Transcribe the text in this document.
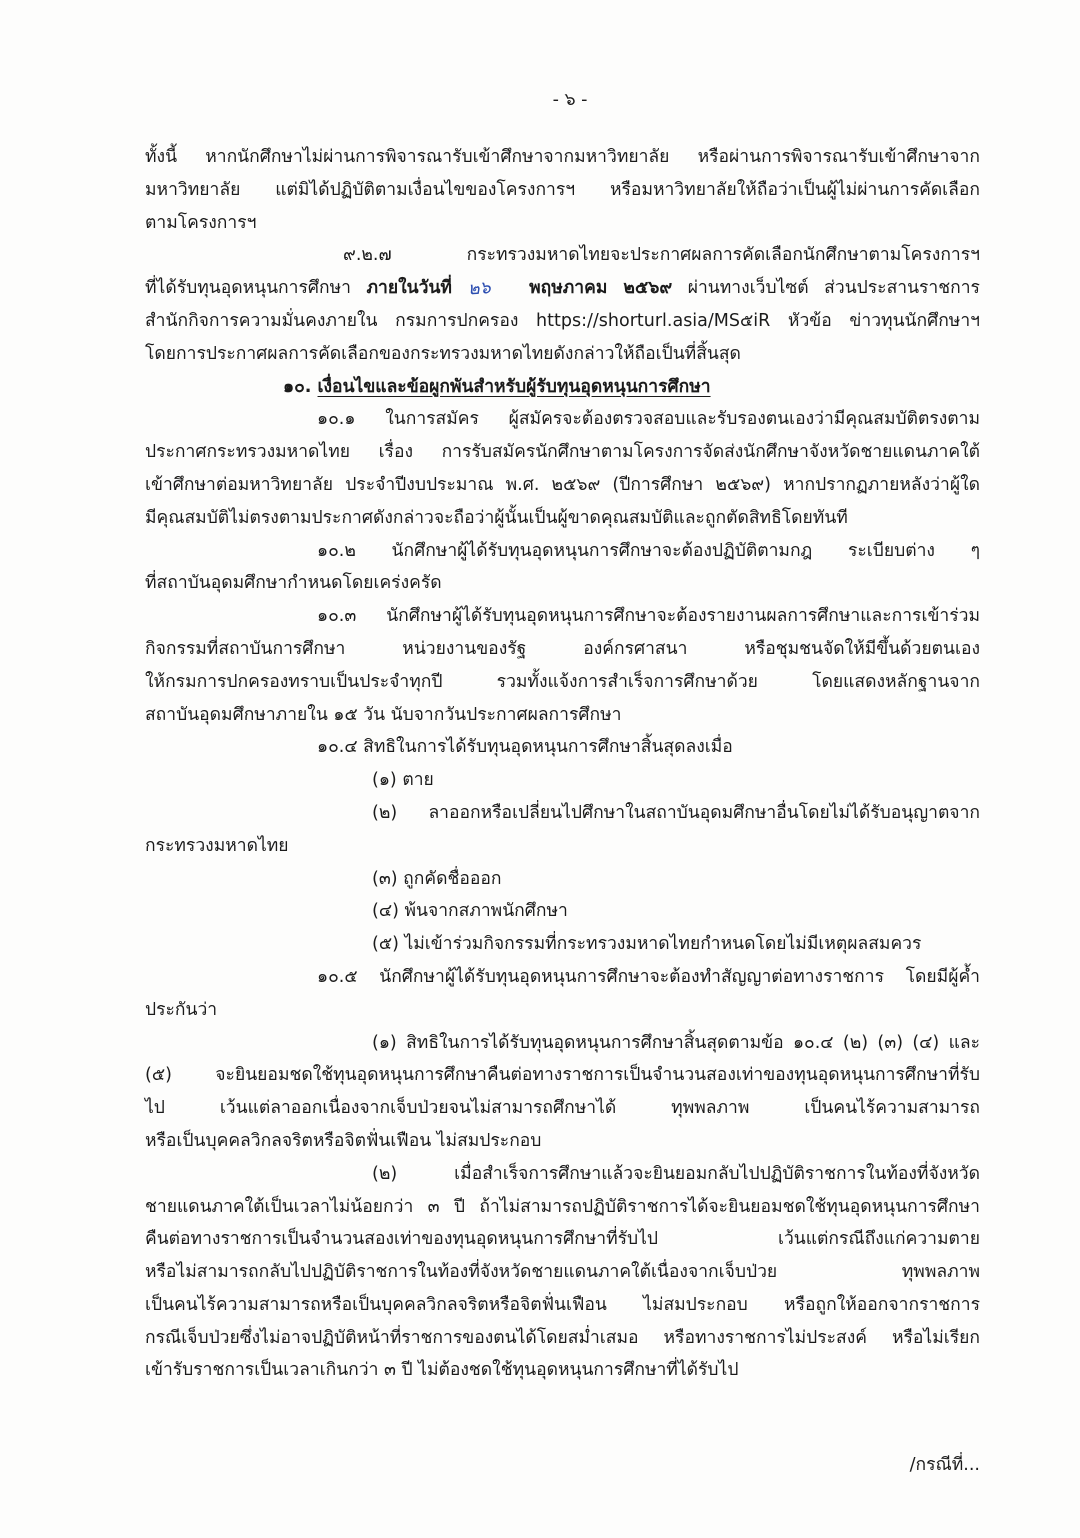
- ๖ -
ทั้งนี้ หากนักศึกษาไม่ผ่านการพิจารณารับเข้าศึกษาจากมหาวิทยาลัย หรือผ่านการพิจารณารับเข้าศึกษาจาก
มหาวิทยาลัย แต่มิได้ปฏิบัติตามเงื่อนไขของโครงการฯ หรือมหาวิทยาลัยให้ถือว่าเป็นผู้ไม่ผ่านการคัดเลือก
ตามโครงการฯ
๙.๒.๗ กระทรวงมหาดไทยจะประกาศผลการคัดเลือกนักศึกษาตามโครงการฯ
ที่ได้รับทุนอุดหนุนการศึกษา ภายในวันที่ ๒๖ พฤษภาคม ๒๕๖๙ ผ่านทางเว็บไซต์ ส่วนประสานราชการ
สำนักกิจการความมั่นคงภายใน กรมการปกครอง https://shorturl.asia/MS๕iR หัวข้อ ข่าวทุนนักศึกษาฯ
โดยการประกาศผลการคัดเลือกของกระทรวงมหาดไทยดังกล่าวให้ถือเป็นที่สิ้นสุด
๑๐. เงื่อนไขและข้อผูกพันสำหรับผู้รับทุนอุดหนุนการศึกษา
๑๐.๑ ในการสมัคร ผู้สมัครจะต้องตรวจสอบและรับรองตนเองว่ามีคุณสมบัติตรงตาม
ประกาศกระทรวงมหาดไทย เรื่อง การรับสมัครนักศึกษาตามโครงการจัดส่งนักศึกษาจังหวัดชายแดนภาคใต้
เข้าศึกษาต่อมหาวิทยาลัย ประจำปีงบประมาณ พ.ศ. ๒๕๖๙ (ปีการศึกษา ๒๕๖๙) หากปรากฏภายหลังว่าผู้ใด
มีคุณสมบัติไม่ตรงตามประกาศดังกล่าวจะถือว่าผู้นั้นเป็นผู้ขาดคุณสมบัติและถูกตัดสิทธิโดยทันที
๑๐.๒ นักศึกษาผู้ได้รับทุนอุดหนุนการศึกษาจะต้องปฏิบัติตามกฎ ระเบียบต่าง ๆ
ที่สถาบันอุดมศึกษากำหนดโดยเคร่งครัด
๑๐.๓ นักศึกษาผู้ได้รับทุนอุดหนุนการศึกษาจะต้องรายงานผลการศึกษาและการเข้าร่วม
กิจกรรมที่สถาบันการศึกษา หน่วยงานของรัฐ องค์กรศาสนา หรือชุมชนจัดให้มีขึ้นด้วยตนเอง
ให้กรมการปกครองทราบเป็นประจำทุกปี รวมทั้งแจ้งการสำเร็จการศึกษาด้วย โดยแสดงหลักฐานจาก
สถาบันอุดมศึกษาภายใน ๑๕ วัน นับจากวันประกาศผลการศึกษา
๑๐.๔ สิทธิในการได้รับทุนอุดหนุนการศึกษาสิ้นสุดลงเมื่อ
(๑) ตาย
(๒) ลาออกหรือเปลี่ยนไปศึกษาในสถาบันอุดมศึกษาอื่นโดยไม่ได้รับอนุญาตจาก
กระทรวงมหาดไทย
(๓) ถูกคัดชื่อออก
(๔) พ้นจากสภาพนักศึกษา
(๕) ไม่เข้าร่วมกิจกรรมที่กระทรวงมหาดไทยกำหนดโดยไม่มีเหตุผลสมควร
๑๐.๕ นักศึกษาผู้ได้รับทุนอุดหนุนการศึกษาจะต้องทำสัญญาต่อทางราชการ โดยมีผู้ค้ำ
ประกันว่า
(๑) สิทธิในการได้รับทุนอุดหนุนการศึกษาสิ้นสุดตามข้อ ๑๐.๔ (๒) (๓) (๔) และ
(๕) จะยินยอมชดใช้ทุนอุดหนุนการศึกษาคืนต่อทางราชการเป็นจำนวนสองเท่าของทุนอุดหนุนการศึกษาที่รับ
ไป เว้นแต่ลาออกเนื่องจากเจ็บป่วยจนไม่สามารถศึกษาได้ ทุพพลภาพ เป็นคนไร้ความสามารถ
หรือเป็นบุคคลวิกลจริตหรือจิตฟั่นเฟือน ไม่สมประกอบ
(๒) เมื่อสำเร็จการศึกษาแล้วจะยินยอมกลับไปปฏิบัติราชการในท้องที่จังหวัด
ชายแดนภาคใต้เป็นเวลาไม่น้อยกว่า ๓ ปี ถ้าไม่สามารถปฏิบัติราชการได้จะยินยอมชดใช้ทุนอุดหนุนการศึกษา
คืนต่อทางราชการเป็นจำนวนสองเท่าของทุนอุดหนุนการศึกษาที่รับไป เว้นแต่กรณีถึงแก่ความตาย
หรือไม่สามารถกลับไปปฏิบัติราชการในท้องที่จังหวัดชายแดนภาคใต้เนื่องจากเจ็บป่วย ทุพพลภาพ
เป็นคนไร้ความสามารถหรือเป็นบุคคลวิกลจริตหรือจิตฟั่นเฟือน ไม่สมประกอบ หรือถูกให้ออกจากราชการ
กรณีเจ็บป่วยซึ่งไม่อาจปฏิบัติหน้าที่ราชการของตนได้โดยสม่ำเสมอ หรือทางราชการไม่ประสงค์ หรือไม่เรียก
เข้ารับราชการเป็นเวลาเกินกว่า ๓ ปี ไม่ต้องชดใช้ทุนอุดหนุนการศึกษาที่ได้รับไป
/กรณีที่...
